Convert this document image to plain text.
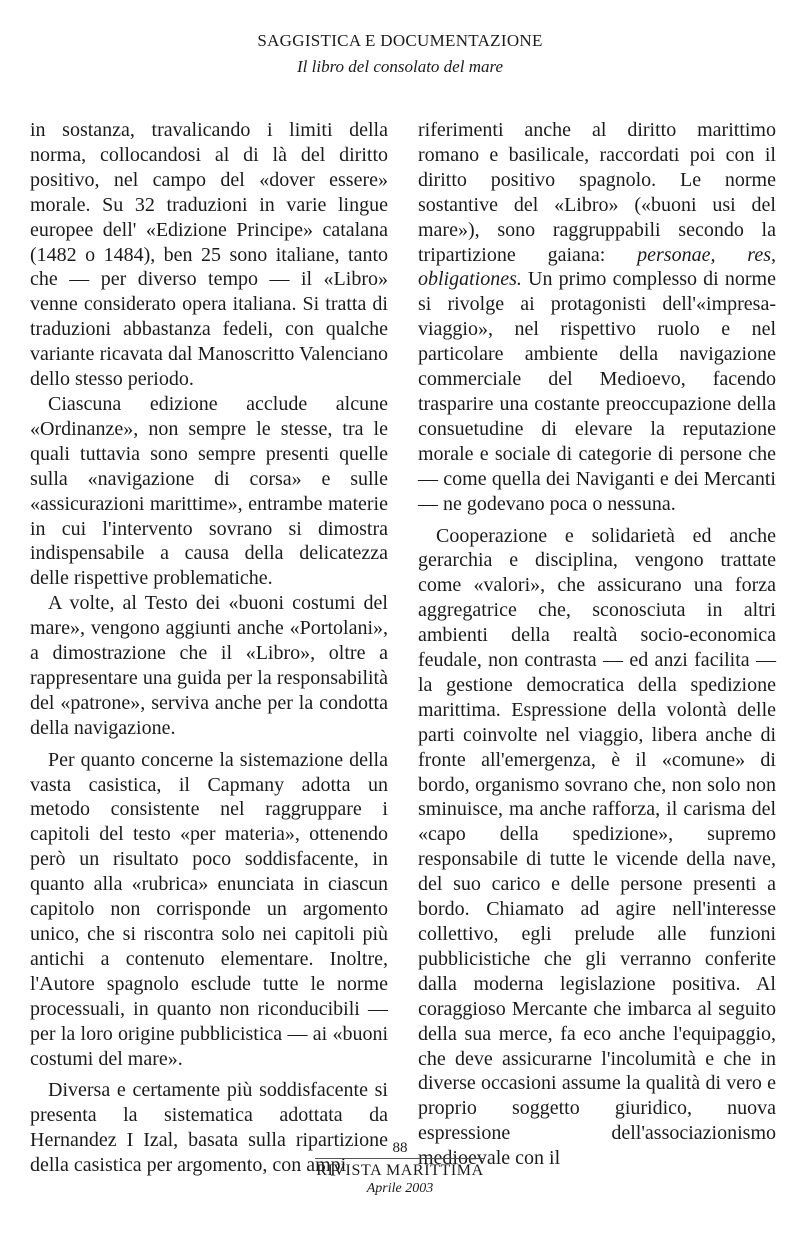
SAGGISTICA E DOCUMENTAZIONE
Il libro del consolato del mare

in sostanza, travalicando i limiti della norma, collocandosi al di là del diritto positivo, nel campo del «dover essere» morale. Su 32 traduzioni in varie lingue europee dell' «Edizione Principe» catalana (1482 o 1484), ben 25 sono italiane, tanto che — per diverso tempo — il «Libro» venne considerato opera italiana. Si tratta di traduzioni abbastanza fedeli, con qualche variante ricavata dal Manoscritto Valenciano dello stesso periodo.

Ciascuna edizione acclude alcune «Ordinanze», non sempre le stesse, tra le quali tuttavia sono sempre presenti quelle sulla «navigazione di corsa» e sulle «assicurazioni marittime», entrambe materie in cui l'intervento sovrano si dimostra indispensabile a causa della delicatezza delle rispettive problematiche.

A volte, al Testo dei «buoni costumi del mare», vengono aggiunti anche «Portolani», a dimostrazione che il «Libro», oltre a rappresentare una guida per la responsabilità del «patrone», serviva anche per la condotta della navigazione.

Per quanto concerne la sistemazione della vasta casistica, il Capmany adotta un metodo consistente nel raggruppare i capitoli del testo «per materia», ottenendo però un risultato poco soddisfacente, in quanto alla «rubrica» enunciata in ciascun capitolo non corrisponde un argomento unico, che si riscontra solo nei capitoli più antichi a contenuto elementare. Inoltre, l'Autore spagnolo esclude tutte le norme processuali, in quanto non riconducibili — per la loro origine pubblicistica — ai «buoni costumi del mare».

Diversa e certamente più soddisfacente si presenta la sistematica adottata da Hernandez I Izal, basata sulla ripartizione della casistica per argomento, con ampi

riferimenti anche al diritto marittimo romano e basilicale, raccordati poi con il diritto positivo spagnolo. Le norme sostantive del «Libro» («buoni usi del mare»), sono raggruppabili secondo la tripartizione gaiana: personae, res, obligationes. Un primo complesso di norme si rivolge ai protagonisti dell'«impresa-viaggio», nel rispettivo ruolo e nel particolare ambiente della navigazione commerciale del Medioevo, facendo trasparire una costante preoccupazione della consuetudine di elevare la reputazione morale e sociale di categorie di persone che — come quella dei Naviganti e dei Mercanti — ne godevano poca o nessuna.

Cooperazione e solidarietà ed anche gerarchia e disciplina, vengono trattate come «valori», che assicurano una forza aggregatrice che, sconosciuta in altri ambienti della realtà socio-economica feudale, non contrasta — ed anzi facilita — la gestione democratica della spedizione marittima. Espressione della volontà delle parti coinvolte nel viaggio, libera anche di fronte all'emergenza, è il «comune» di bordo, organismo sovrano che, non solo non sminuisce, ma anche rafforza, il carisma del «capo della spedizione», supremo responsabile di tutte le vicende della nave, del suo carico e delle persone presenti a bordo. Chiamato ad agire nell'interesse collettivo, egli prelude alle funzioni pubblicistiche che gli verranno conferite dalla moderna legislazione positiva. Al coraggioso Mercante che imbarca al seguito della sua merce, fa eco anche l'equipaggio, che deve assicurarne l'incolumità e che in diverse occasioni assume la qualità di vero e proprio soggetto giuridico, nuova espressione dell'associazionismo medioevale con il

88
RIVISTA MARITTIMA
Aprile 2003
